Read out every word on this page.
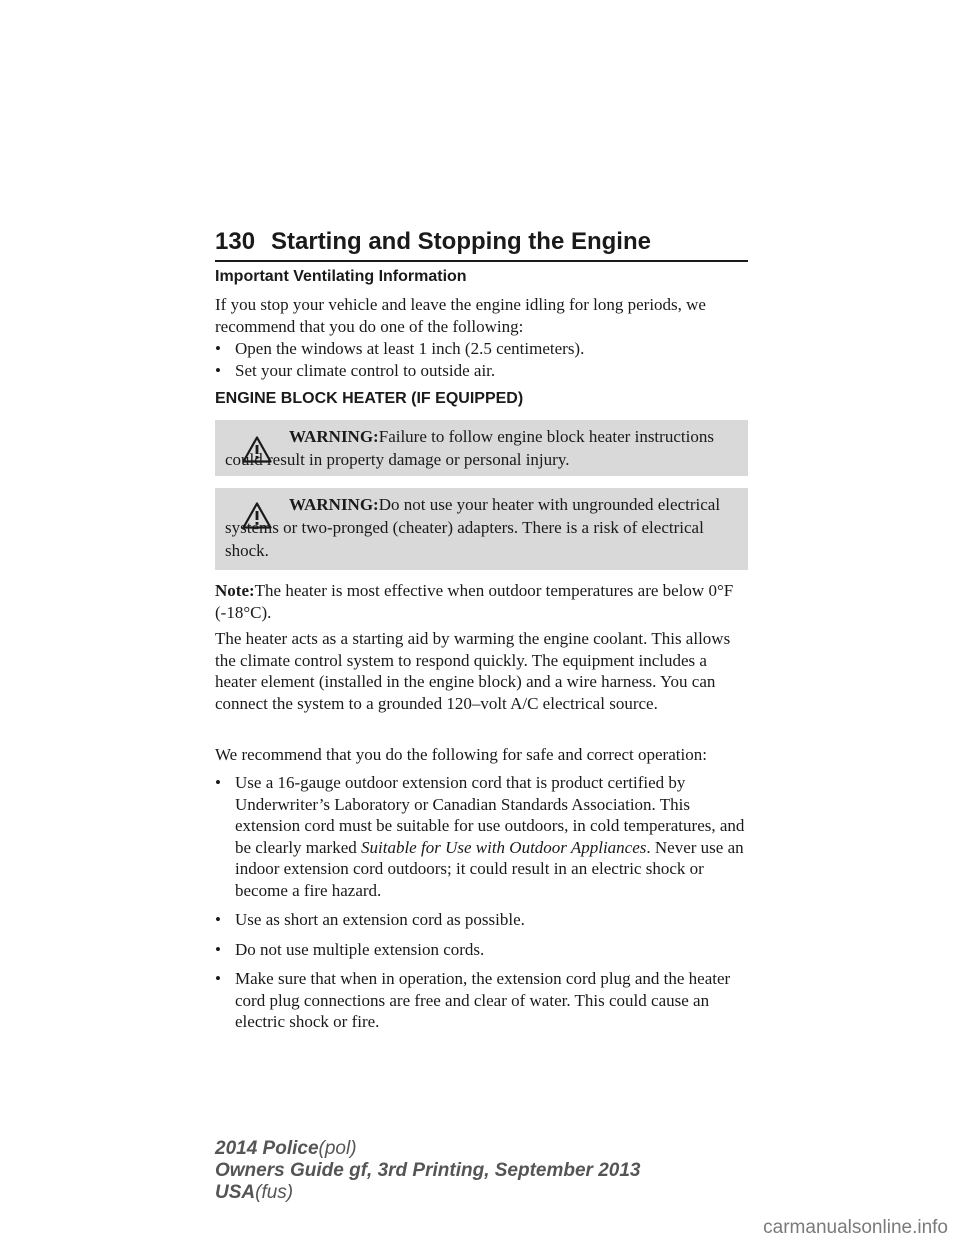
130 Starting and Stopping the Engine
Important Ventilating Information

If you stop your vehicle and leave the engine idling for long periods, we recommend that you do one of the following:

• Open the windows at least 1 inch (2.5 centimeters).
• Set your climate control to outside air.
ENGINE BLOCK HEATER (IF EQUIPPED)
WARNING:Failure to follow engine block heater instructions could result in property damage or personal injury.
WARNING:Do not use your heater with ungrounded electrical systems or two-pronged (cheater) adapters. There is a risk of electrical shock.

Note:The heater is most effective when outdoor temperatures are below 0°F (-18°C).

The heater acts as a starting aid by warming the engine coolant. This allows the climate control system to respond quickly. The equipment includes a heater element (installed in the engine block) and a wire harness. You can connect the system to a grounded 120–volt A/C electrical source.

We recommend that you do the following for safe and correct operation:

• Use a 16-gauge outdoor extension cord that is product certified by Underwriter’s Laboratory or Canadian Standards Association. This extension cord must be suitable for use outdoors, in cold temperatures, and be clearly marked Suitable for Use with Outdoor Appliances. Never use an indoor extension cord outdoors; it could result in an electric shock or become a fire hazard.
• Use as short an extension cord as possible.
• Do not use multiple extension cords.
• Make sure that when in operation, the extension cord plug and the heater cord plug connections are free and clear of water. This could cause an electric shock or fire.
2014 Police(pol)
Owners Guide gf, 3rd Printing, September 2013
USA(fus)
carmanualsonline.info
